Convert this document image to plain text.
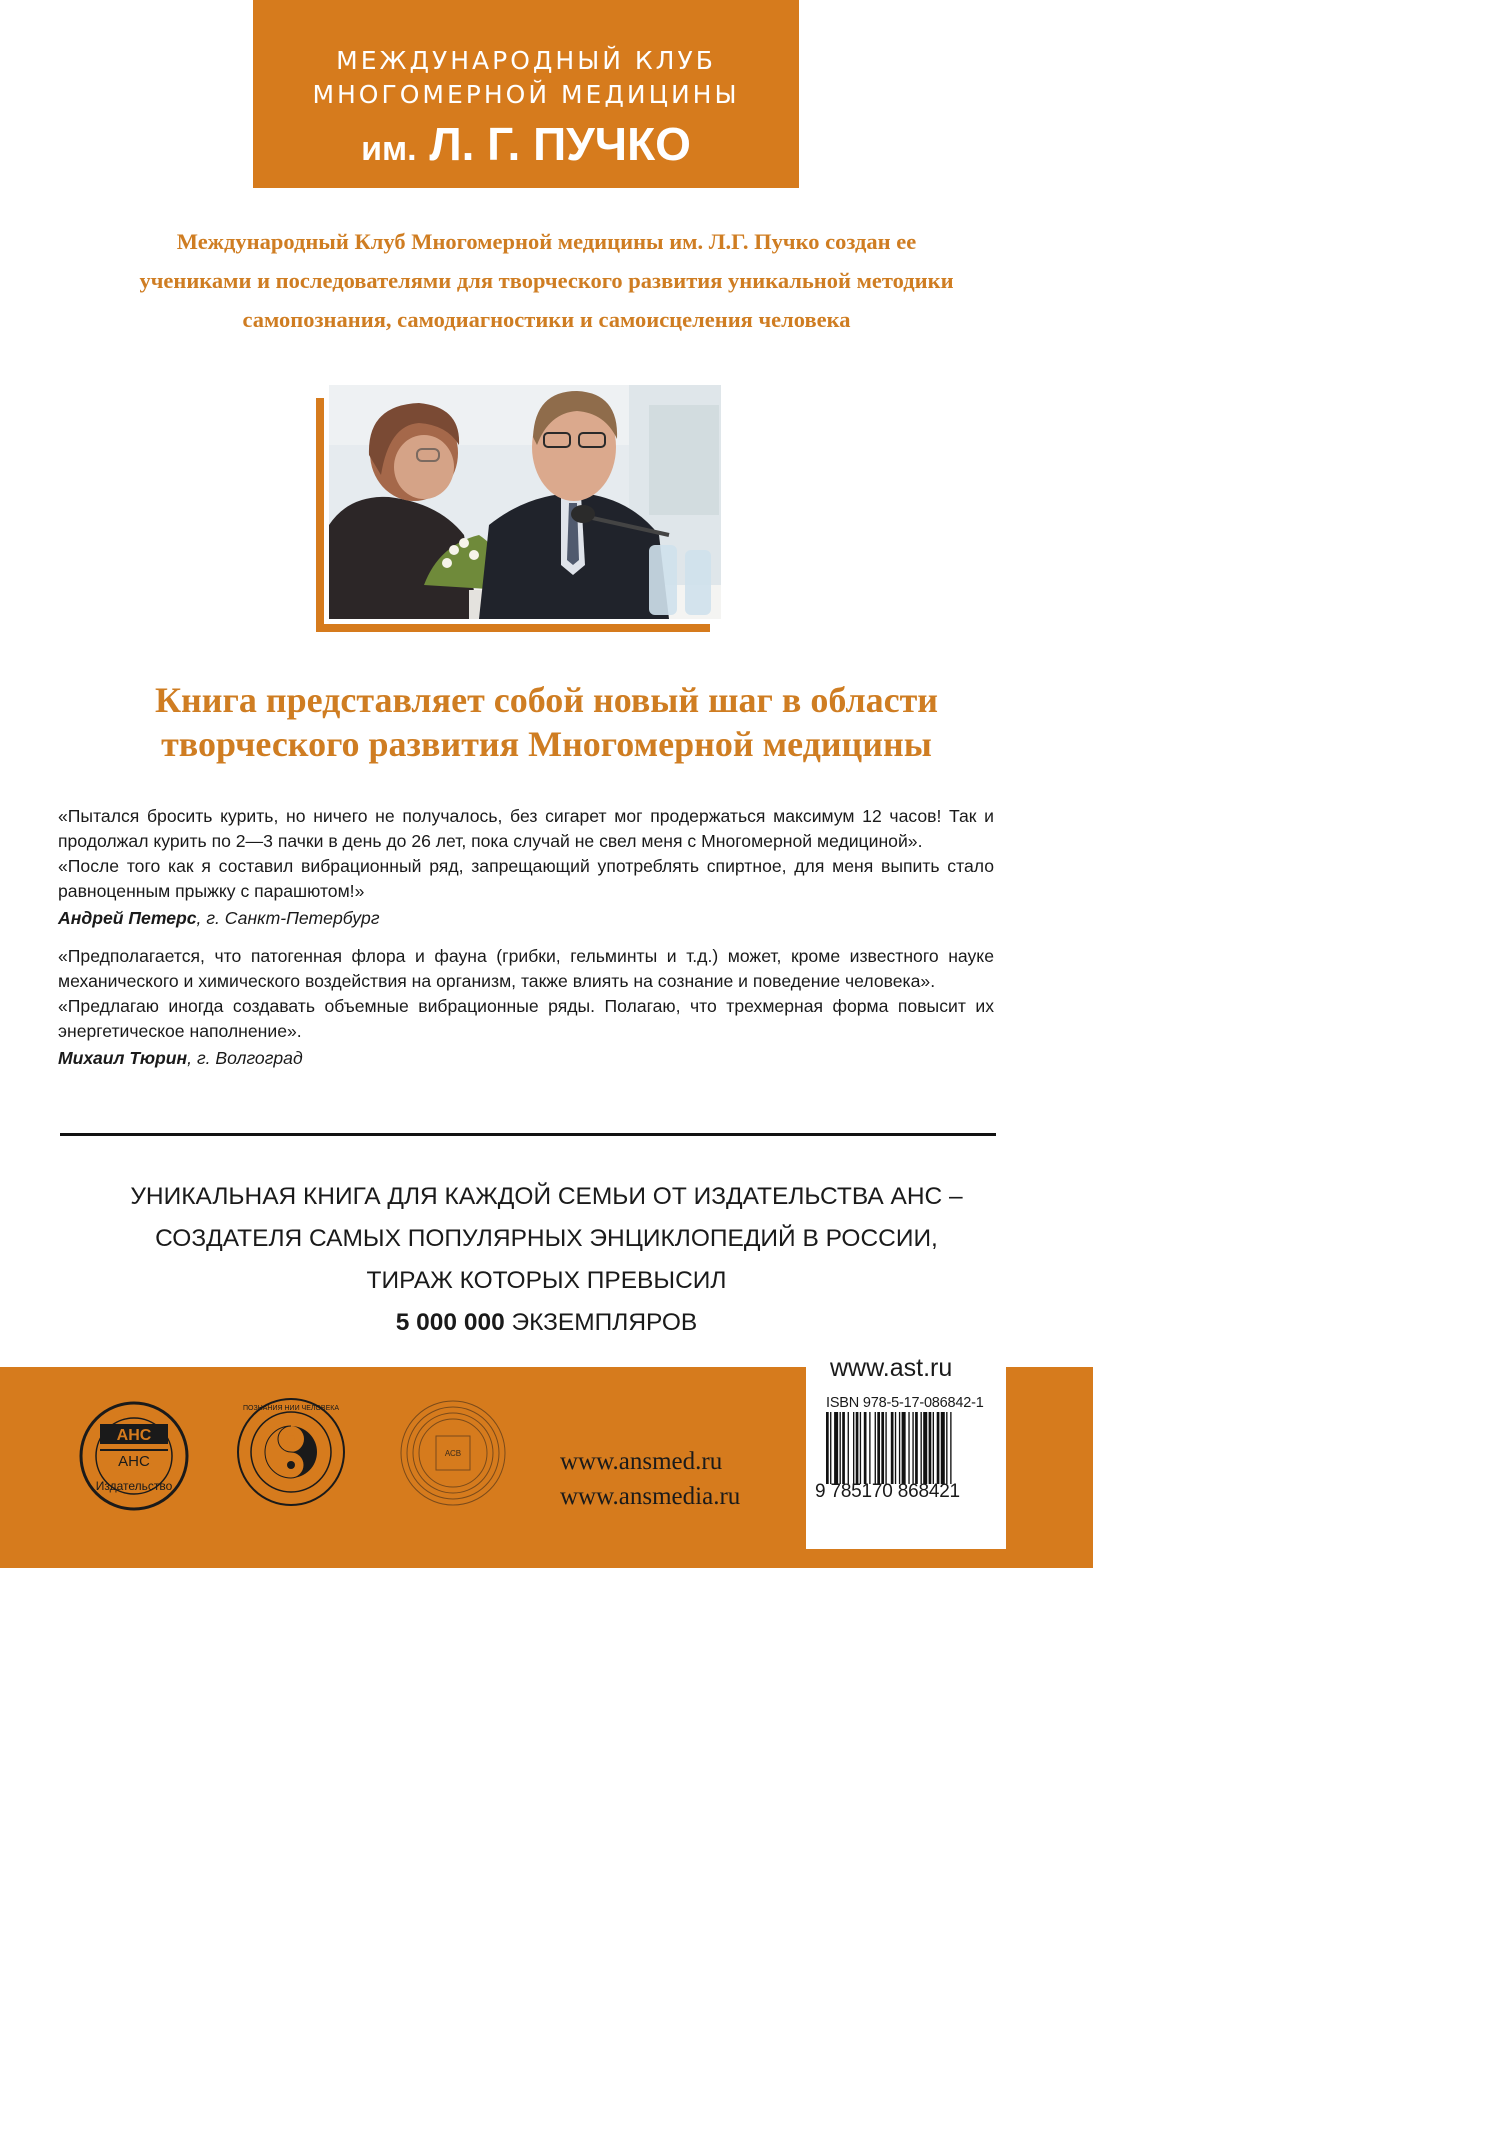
МЕЖДУНАРОДНЫЙ КЛУБ
МНОГОМЕРНОЙ МЕДИЦИНЫ
им. Л. Г. ПУЧКО
Международный Клуб Многомерной медицины им. Л.Г. Пучко создан ее
учениками и последователями для творческого развития уникальной методики
самопознания, самодиагностики и самоисцеления человека
Книга представляет собой новый шаг в области
творческого развития Многомерной медицины

«Пытался бросить курить, но ничего не получалось, без сигарет мог продержаться максимум 12 часов! Так и продолжал курить по 2—3 пачки в день до 26 лет, пока случай не свел меня с Многомерной медициной».

«После того как я составил вибрационный ряд, запрещающий употреблять спиртное, для меня выпить стало равноценным прыжку с парашютом!»

Андрей Петерс, г. Санкт-Петербург

«Предполагается, что патогенная флора и фауна (грибки, гельминты и т.д.) может, кроме известного науке механического и химического воздействия на организм, также влиять на сознание и поведение человека».

«Предлагаю иногда создавать объемные вибрационные ряды. Полагаю, что трехмерная форма повысит их энергетическое наполнение».

Михаил Тюрин, г. Волгоград

УНИКАЛЬНАЯ КНИГА ДЛЯ КАЖДОЙ СЕМЬИ ОТ ИЗДАТЕЛЬСТВА АНС –
СОЗДАТЕЛЯ САМЫХ ПОПУЛЯРНЫХ ЭНЦИКЛОПЕДИЙ В РОССИИ,
ТИРАЖ КОТОРЫХ ПРЕВЫСИЛ
5 000 000 ЭКЗЕМПЛЯРОВ
АНС
АНС
Издательство
ПОЗНАНИЯ НИИ ЧЕЛОВЕКА
АСВ	www.ansmed.ru
www.ansmedia.ru
www.ast.ru
ISBN 978-5-17-086842-1
9 785170 868421
